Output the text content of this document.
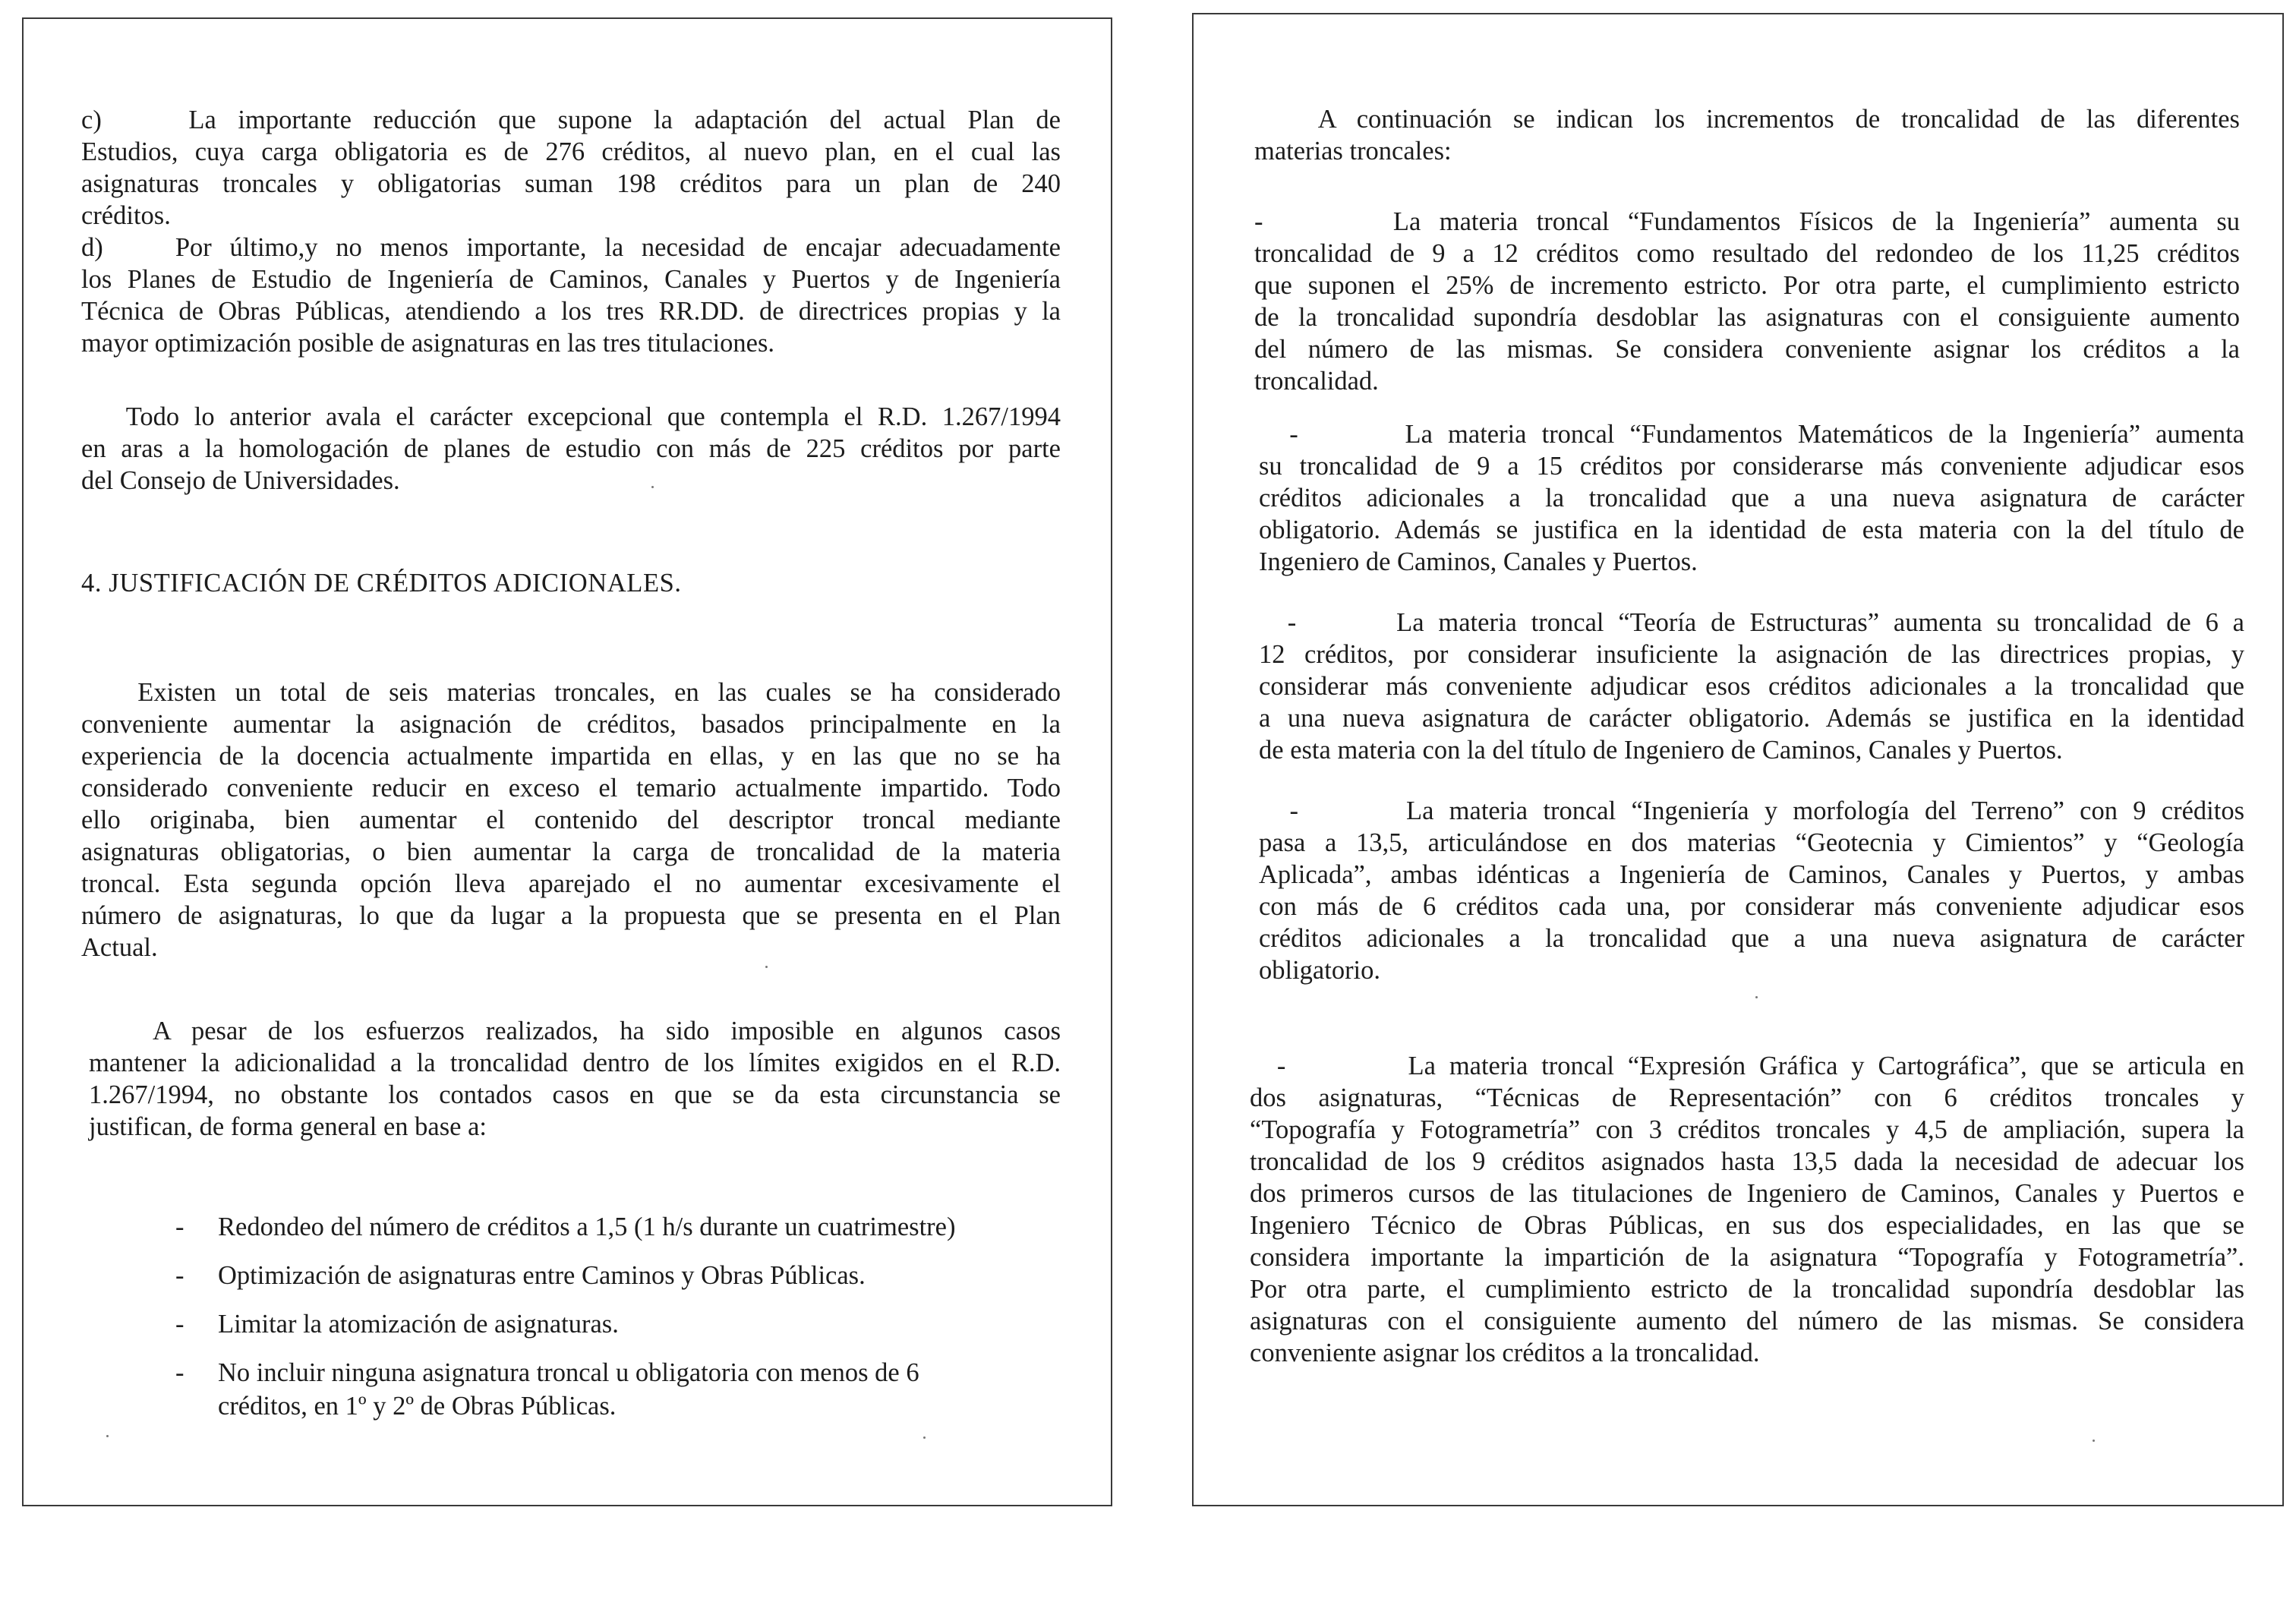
c)    La importante reducción que supone la adaptación del actual Plan de
Estudios, cuya carga obligatoria es de 276 créditos, al nuevo plan, en el cual las
asignaturas troncales y obligatorias suman 198 créditos para un plan de 240
créditos.
d)    Por último,y no menos importante, la necesidad de encajar adecuadamente
los Planes de Estudio de Ingeniería de Caminos, Canales y Puertos y de Ingeniería
Técnica de Obras Públicas, atendiendo a los tres RR.DD. de directrices propias y la
mayor optimización posible de asignaturas en las tres titulaciones.
Todo lo anterior avala el carácter excepcional que contempla el R.D. 1.267/1994
en aras a la homologación de planes de estudio con más de 225 créditos por parte
del Consejo de Universidades.
4. JUSTIFICACIÓN DE CRÉDITOS ADICIONALES.
Existen un total de seis materias troncales, en las cuales se ha considerado
conveniente aumentar la asignación de créditos, basados principalmente en la
experiencia de la docencia actualmente impartida en ellas, y en las que no se ha
considerado conveniente reducir en exceso el temario actualmente impartido. Todo
ello originaba, bien aumentar el contenido del descriptor troncal mediante
asignaturas obligatorias, o bien aumentar la carga de troncalidad de la materia
troncal. Esta segunda opción lleva aparejado el no aumentar excesivamente el
número de asignaturas, lo que da lugar a la propuesta que se presenta en el Plan
Actual.
A pesar de los esfuerzos realizados, ha sido imposible en algunos casos
mantener la adicionalidad a la troncalidad dentro de los límites exigidos en el R.D.
1.267/1994, no obstante los contados casos en que se da esta circunstancia se
justifican, de forma general en base a:
- Redondeo del número de créditos a 1,5 (1 h/s durante un cuatrimestre)
- Optimización de asignaturas entre Caminos y Obras Públicas.
- Limitar la atomización de asignaturas.
- No incluir ninguna asignatura troncal u obligatoria con menos de 6
créditos, en 1º y 2º de Obras Públicas.
A continuación se indican los incrementos de troncalidad de las diferentes
materias troncales:
-       La materia troncal “Fundamentos Físicos de la Ingeniería” aumenta su
troncalidad de 9 a 12 créditos como resultado del redondeo de los 11,25 créditos
que suponen el 25% de incremento estricto. Por otra parte, el cumplimiento estricto
de la troncalidad supondría desdoblar las asignaturas con el consiguiente aumento
del número de las mismas. Se considera conveniente asignar los créditos a la
troncalidad.
-       La materia troncal “Fundamentos Matemáticos de la Ingeniería” aumenta
su troncalidad de 9 a 15 créditos por considerarse más conveniente adjudicar esos
créditos adicionales a la troncalidad que a una nueva asignatura de carácter
obligatorio. Además se justifica en la identidad de esta materia con la del título de
Ingeniero de Caminos, Canales y Puertos.
-       La materia troncal “Teoría de Estructuras” aumenta su troncalidad de 6 a
12 créditos, por considerar insuficiente la asignación de las directrices propias, y
considerar más conveniente adjudicar esos créditos adicionales a la troncalidad que
a una nueva asignatura de carácter obligatorio. Además se justifica en la identidad
de esta materia con la del título de Ingeniero de Caminos, Canales y Puertos.
-       La materia troncal “Ingeniería y morfología del Terreno” con 9 créditos
pasa a 13,5, articulándose en dos materias “Geotecnia y Cimientos” y “Geología
Aplicada”, ambas idénticas a Ingeniería de Caminos, Canales y Puertos, y ambas
con más de 6 créditos cada una, por considerar más conveniente adjudicar esos
créditos adicionales a la troncalidad que a una nueva asignatura de carácter
obligatorio.
-         La materia troncal “Expresión Gráfica y Cartográfica”, que se articula en
dos asignaturas, “Técnicas de Representación” con 6 créditos troncales y
“Topografía y Fotogrametría” con 3 créditos troncales y 4,5 de ampliación, supera la
troncalidad de los 9 créditos asignados hasta 13,5 dada la necesidad de adecuar los
dos primeros cursos de las titulaciones de Ingeniero de Caminos, Canales y Puertos e
Ingeniero Técnico de Obras Públicas, en sus dos especialidades, en las que se
considera importante la impartición de la asignatura “Topografía y Fotogrametría”.
Por otra parte, el cumplimiento estricto de la troncalidad supondría desdoblar las
asignaturas con el consiguiente aumento del número de las mismas. Se considera
conveniente asignar los créditos a la troncalidad.
